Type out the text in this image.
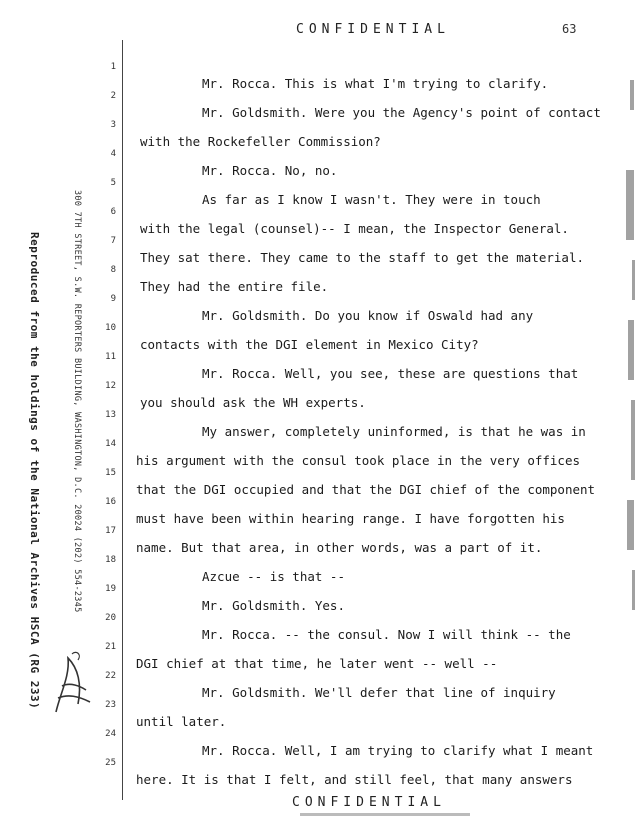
CONFIDENTIAL	63
Reproduced from the holdings of the National Archives HSCA (RG 233)	300 7TH STREET, S.W. REPORTERS BUILDING, WASHINGTON, D.C. 20024 (202) 554-2345
1
2
3
4
5
6
7
8
9
10
11
12
13
14
15
16
17
18
19
20
21
22
23
24
25
Mr. Rocca. This is what I'm trying to clarify.
Mr. Goldsmith. Were you the Agency's point of contact
with the Rockefeller Commission?
Mr. Rocca. No, no.
As far as I know I wasn't. They were in touch
with the legal (counsel)-- I mean, the Inspector General.
They sat there. They came to the staff to get the material.
They had the entire file.
Mr. Goldsmith. Do you know if Oswald had any
contacts with the DGI element in Mexico City?
Mr. Rocca. Well, you see, these are questions that
you should ask the WH experts.
My answer, completely uninformed, is that he was in
his argument with the consul took place in the very offices
that the DGI occupied and that the DGI chief of the component
must have been within hearing range. I have forgotten his
name. But that area, in other words, was a part of it.
Azcue -- is that --
Mr. Goldsmith. Yes.
Mr. Rocca. -- the consul. Now I will think -- the
DGI chief at that time, he later went -- well --
Mr. Goldsmith. We'll defer that line of inquiry
until later.
Mr. Rocca. Well, I am trying to clarify what I meant
here. It is that I felt, and still feel, that many answers
CONFIDENTIAL
